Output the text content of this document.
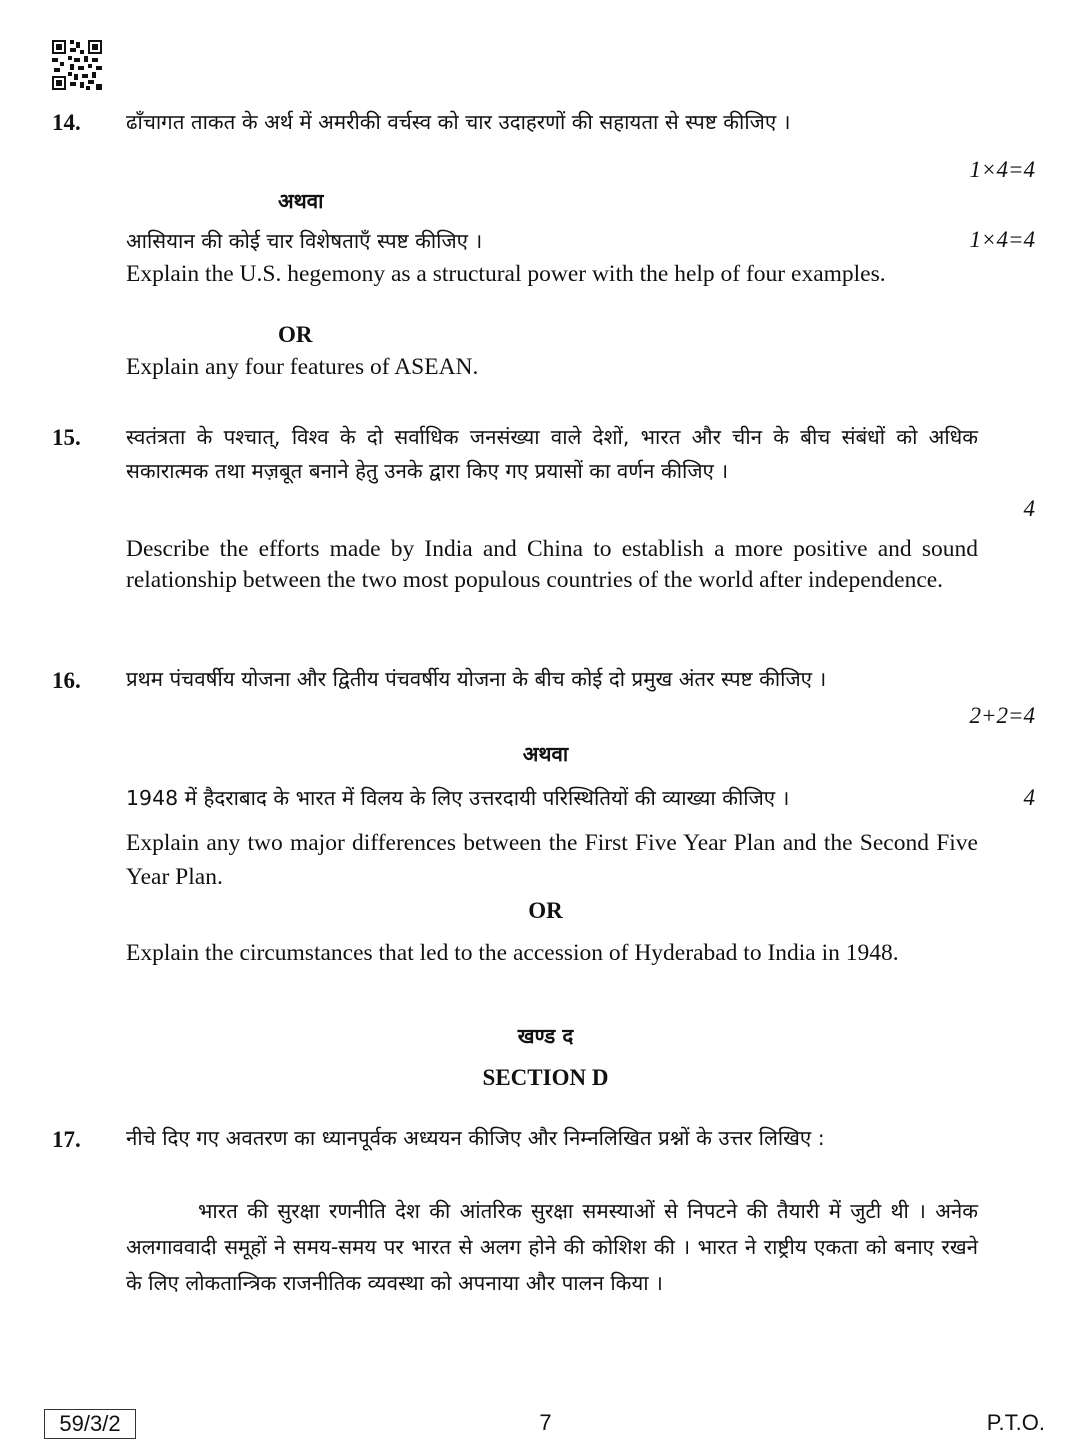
14. ढाँचागत ताकत के अर्थ में अमरीकी वर्चस्व को चार उदाहरणों की सहायता से स्पष्ट कीजिए ।
1×4=4
अथवा
आसियान की कोई चार विशेषताएँ स्पष्ट कीजिए ।	1×4=4
Explain the U.S. hegemony as a structural power with the help of four examples.
OR
Explain any four features of ASEAN.
15. स्वतंत्रता के पश्चात्, विश्व के दो सर्वाधिक जनसंख्या वाले देशों, भारत और चीन के बीच संबंधों को अधिक सकारात्मक तथा मज़बूत बनाने हेतु उनके द्वारा किए गए प्रयासों का वर्णन कीजिए ।
4
Describe the efforts made by India and China to establish a more positive and sound relationship between the two most populous countries of the world after independence.
16. प्रथम पंचवर्षीय योजना और द्वितीय पंचवर्षीय योजना के बीच कोई दो प्रमुख अंतर स्पष्ट कीजिए ।
2+2=4
अथवा
1948 में हैदराबाद के भारत में विलय के लिए उत्तरदायी परिस्थितियों की व्याख्या कीजिए ।	4
Explain any two major differences between the First Five Year Plan and the Second Five Year Plan.
OR
Explain the circumstances that led to the accession of Hyderabad to India in 1948.
खण्ड द
SECTION D
17. नीचे दिए गए अवतरण का ध्यानपूर्वक अध्ययन कीजिए और निम्नलिखित प्रश्नों के उत्तर लिखिए :
भारत की सुरक्षा रणनीति देश की आंतरिक सुरक्षा समस्याओं से निपटने की तैयारी में जुटी थी । अनेक अलगाववादी समूहों ने समय-समय पर भारत से अलग होने की कोशिश की । भारत ने राष्ट्रीय एकता को बनाए रखने के लिए लोकतान्त्रिक राजनीतिक व्यवस्था को अपनाया और पालन किया ।
59/3/2	7	P.T.O.
